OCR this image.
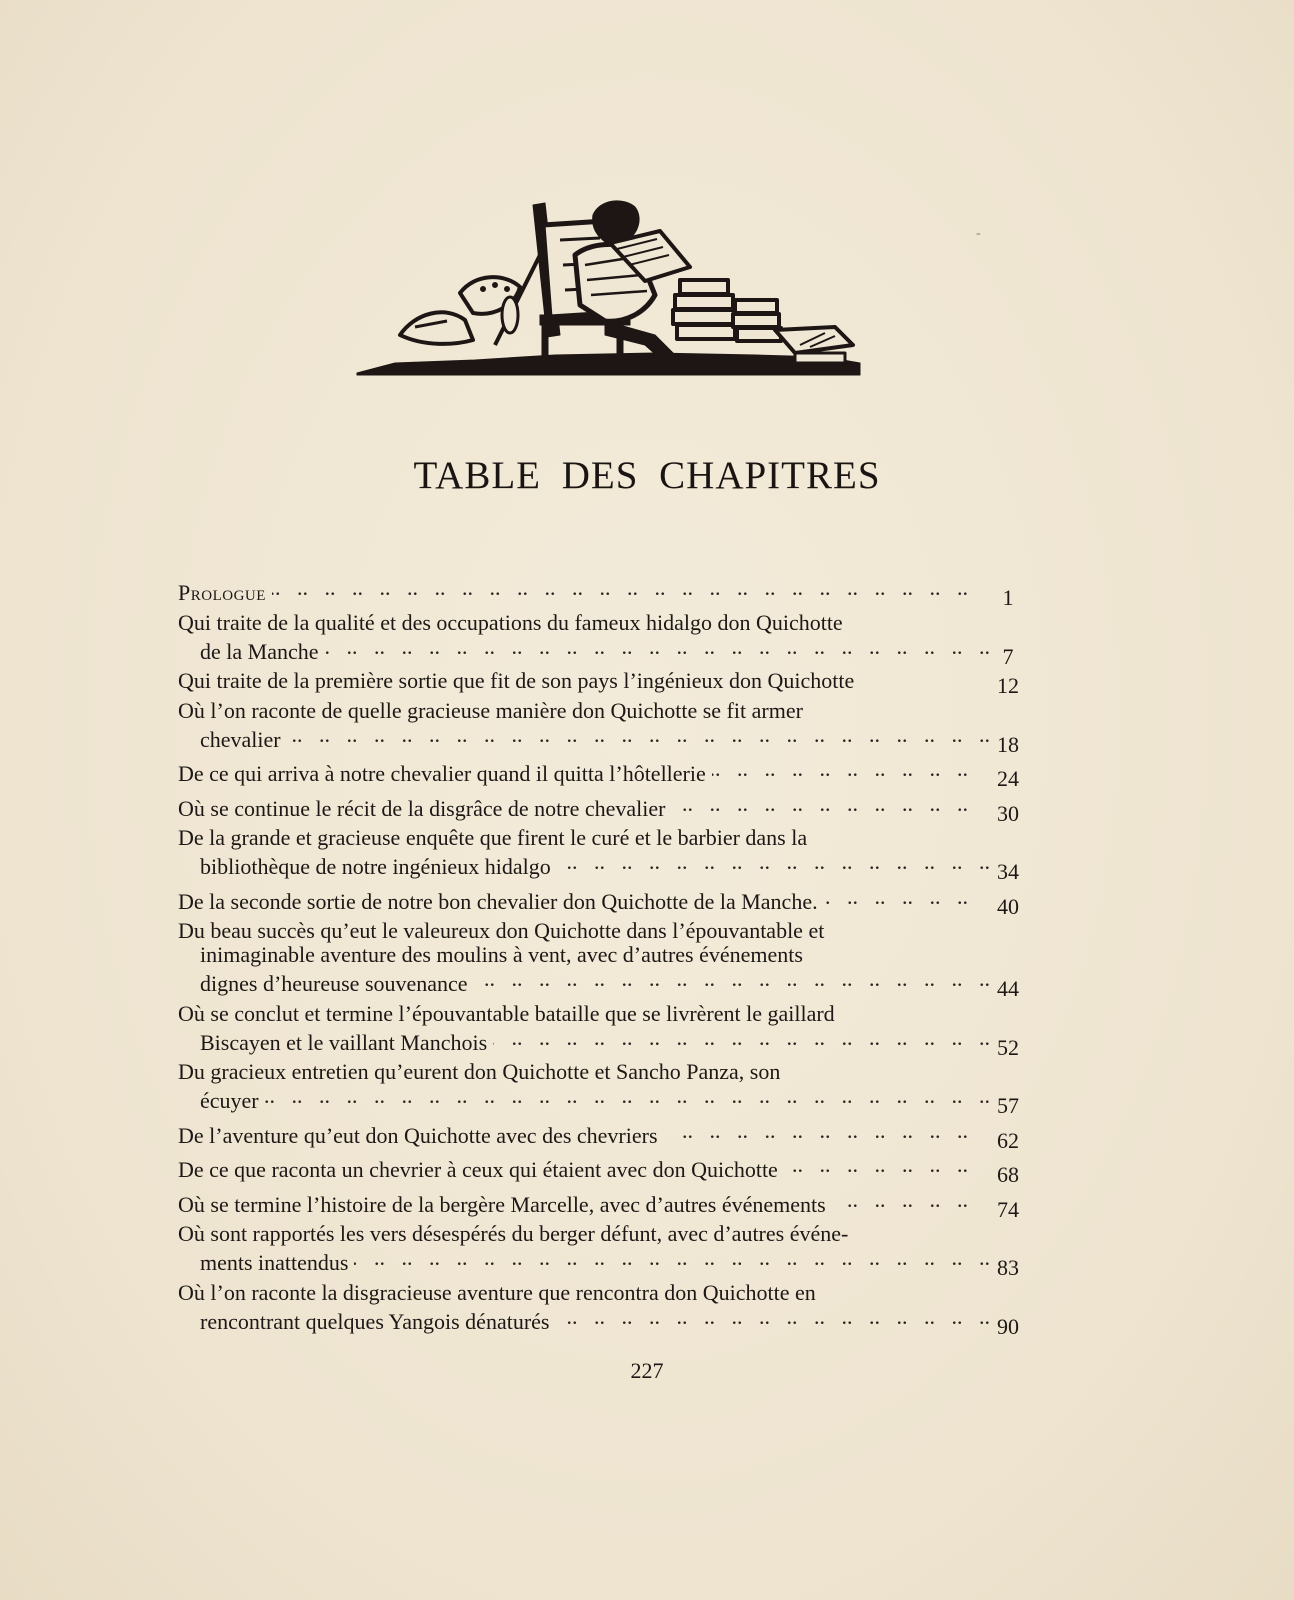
TABLE DES CHAPITRES
Prologue ..	1
Qui traite de la qualité et des occupations du fameux hidalgo don Quichotte
de la Manche ..	7
Qui traite de la première sortie que fit de son pays l’ingénieux don Quichotte	12
Où l’on raconte de quelle gracieuse manière don Quichotte se fit armer
chevalier ..	18
De ce qui arriva à notre chevalier quand il quitta l’hôtellerie ..	24
Où se continue le récit de la disgrâce de notre chevalier ..	30
De la grande et gracieuse enquête que firent le curé et le barbier dans la
bibliothèque de notre ingénieux hidalgo ..	34
De la seconde sortie de notre bon chevalier don Quichotte de la Manche. ..	40
Du beau succès qu’eut le valeureux don Quichotte dans l’épouvantable et
inimaginable aventure des moulins à vent, avec d’autres événements
dignes d’heureuse souvenance ..	44
Où se conclut et termine l’épouvantable bataille que se livrèrent le gaillard
Biscayen et le vaillant Manchois ..	52
Du gracieux entretien qu’eurent don Quichotte et Sancho Panza, son
écuyer ..	57
De l’aventure qu’eut don Quichotte avec des chevriers ..	62
De ce que raconta un chevrier à ceux qui étaient avec don Quichotte ..	68
Où se termine l’histoire de la bergère Marcelle, avec d’autres événements ..	74
Où sont rapportés les vers désespérés du berger défunt, avec d’autres événe-
ments inattendus ..	83
Où l’on raconte la disgracieuse aventure que rencontra don Quichotte en
rencontrant quelques Yangois dénaturés ..	90
227
‐
